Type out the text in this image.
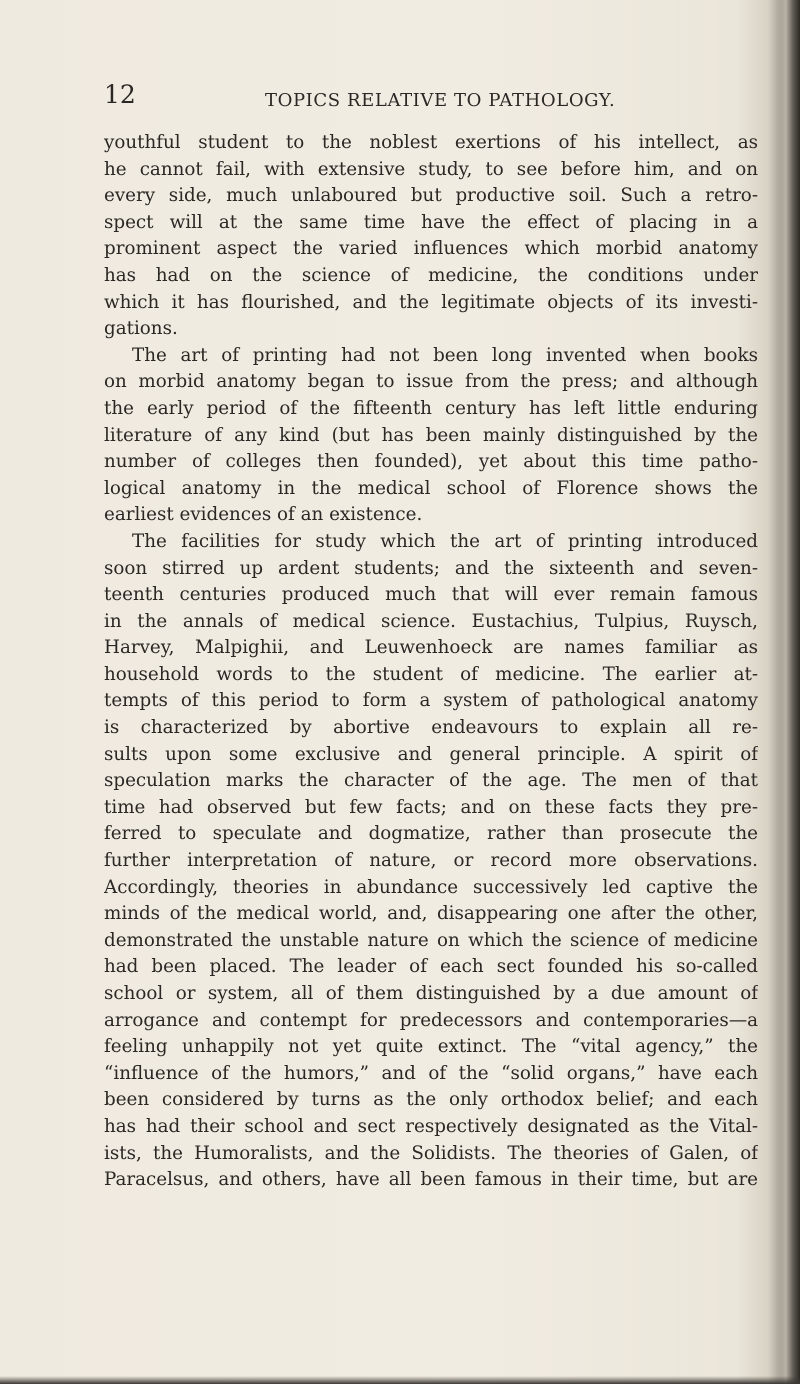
12	TOPICS RELATIVE TO PATHOLOGY.
youthful student to the noblest exertions of his intellect, as
he cannot fail, with extensive study, to see before him, and on
every side, much unlaboured but productive soil. Such a retro-
spect will at the same time have the effect of placing in a
prominent aspect the varied influences which morbid anatomy
has had on the science of medicine, the conditions under
which it has flourished, and the legitimate objects of its investi-
gations.
The art of printing had not been long invented when books
on morbid anatomy began to issue from the press; and although
the early period of the fifteenth century has left little enduring
literature of any kind (but has been mainly distinguished by the
number of colleges then founded), yet about this time patho-
logical anatomy in the medical school of Florence shows the
earliest evidences of an existence.
The facilities for study which the art of printing introduced
soon stirred up ardent students; and the sixteenth and seven-
teenth centuries produced much that will ever remain famous
in the annals of medical science. Eustachius, Tulpius, Ruysch,
Harvey, Malpighii, and Leuwenhoeck are names familiar as
household words to the student of medicine. The earlier at-
tempts of this period to form a system of pathological anatomy
is characterized by abortive endeavours to explain all re-
sults upon some exclusive and general principle. A spirit of
speculation marks the character of the age. The men of that
time had observed but few facts; and on these facts they pre-
ferred to speculate and dogmatize, rather than prosecute the
further interpretation of nature, or record more observations.
Accordingly, theories in abundance successively led captive the
minds of the medical world, and, disappearing one after the other,
demonstrated the unstable nature on which the science of medicine
had been placed. The leader of each sect founded his so-called
school or system, all of them distinguished by a due amount of
arrogance and contempt for predecessors and contemporaries—a
feeling unhappily not yet quite extinct. The “vital agency,” the
“influence of the humors,” and of the “solid organs,” have each
been considered by turns as the only orthodox belief; and each
has had their school and sect respectively designated as the Vital-
ists, the Humoralists, and the Solidists. The theories of Galen, of
Paracelsus, and others, have all been famous in their time, but are
